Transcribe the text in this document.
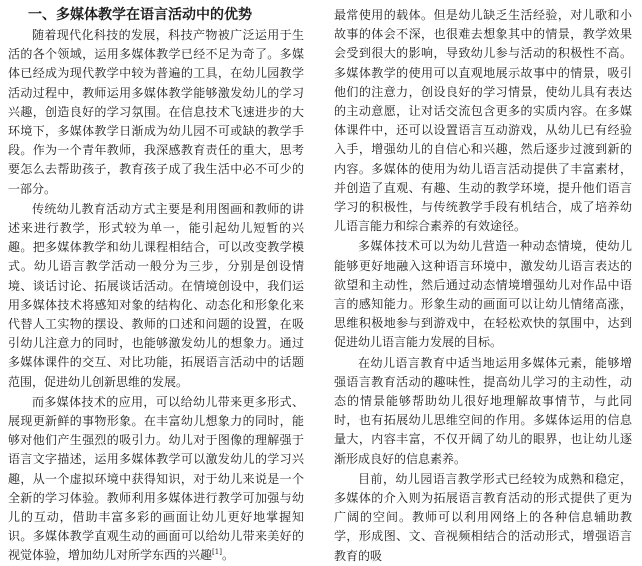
一、多媒体教学在语言活动中的优势

随着现代化科技的发展，科技产物被广泛运用于生活的各个领域，运用多媒体教学已经不足为奇了。多媒体已经成为现代教学中较为普遍的工具，在幼儿园教学活动过程中，教师运用多媒体教学能够激发幼儿的学习兴趣，创造良好的学习氛围。在信息技术飞速进步的大环境下，多媒体教学日渐成为幼儿园不可或缺的教学手段。作为一个青年教师，我深感教育责任的重大，思考要怎么去帮助孩子，教育孩子成了我生活中必不可少的一部分。

传统幼儿教育活动方式主要是利用图画和教师的讲述来进行教学，形式较为单一，能引起幼儿短暂的兴趣。把多媒体教学和幼儿课程相结合，可以改变教学模式。幼儿语言教学活动一般分为三步，分别是创设情境、谈话讨论、拓展谈话活动。在情境创设中，我们运用多媒体技术将感知对象的结构化、动态化和形象化来代替人工实物的摆设、教师的口述和问题的设置，在吸引幼儿注意力的同时，也能够激发幼儿的想象力。通过多媒体课件的交互、对比功能，拓展语言活动中的话题范围，促进幼儿创新思维的发展。

而多媒体技术的应用，可以给幼儿带来更多形式、展现更新鲜的事物形象。在丰富幼儿想象力的同时，能够对他们产生强烈的吸引力。幼儿对于图像的理解强于语言文字描述，运用多媒体教学可以激发幼儿的学习兴趣，从一个虚拟环境中获得知识，对于幼儿来说是一个全新的学习体验。教师利用多媒体进行教学可加强与幼儿的互动，借助丰富多彩的画面让幼儿更好地掌握知识。多媒体教学直观生动的画面可以给幼儿带来美好的视觉体验，增加幼儿对所学东西的兴趣[1]。

最常使用的载体。但是幼儿缺乏生活经验，对儿歌和小故事的体会不深，也很难去想象其中的情景，教学效果会受到很大的影响，导致幼儿参与活动的积极性不高。多媒体教学的使用可以直观地展示故事中的情景，吸引他们的注意力，创设良好的学习情景，使幼儿具有表达的主动意愿，让对话交流包含更多的实质内容。在多媒体课件中，还可以设置语言互动游戏，从幼儿已有经验入手，增强幼儿的自信心和兴趣，然后逐步过渡到新的内容。多媒体的使用为幼儿语言活动提供了丰富素材，并创造了直观、有趣、生动的教学环境，提升他们语言学习的积极性，与传统教学手段有机结合，成了培养幼儿语言能力和综合素养的有效途径。

多媒体技术可以为幼儿营造一种动态情境，使幼儿能够更好地融入这种语言环境中，激发幼儿语言表达的欲望和主动性，然后通过动态情境增强幼儿对作品中语言的感知能力。形象生动的画面可以让幼儿情绪高涨，思维积极地参与到游戏中，在轻松欢快的氛围中，达到促进幼儿语言能力发展的目标。

在幼儿语言教育中适当地运用多媒体元素，能够增强语言教育活动的趣味性，提高幼儿学习的主动性，动态的情景能够帮助幼儿很好地理解故事情节，与此同时，也有拓展幼儿思维空间的作用。多媒体运用的信息量大，内容丰富，不仅开阔了幼儿的眼界，也让幼儿逐渐形成良好的信息素养。

目前，幼儿园语言教学形式已经较为成熟和稳定，多媒体的介入则为拓展语言教育活动的形式提供了更为广阔的空间。教师可以利用网络上的各种信息辅助教学，形成图、文、音视频相结合的活动形式，增强语言教育的吸
